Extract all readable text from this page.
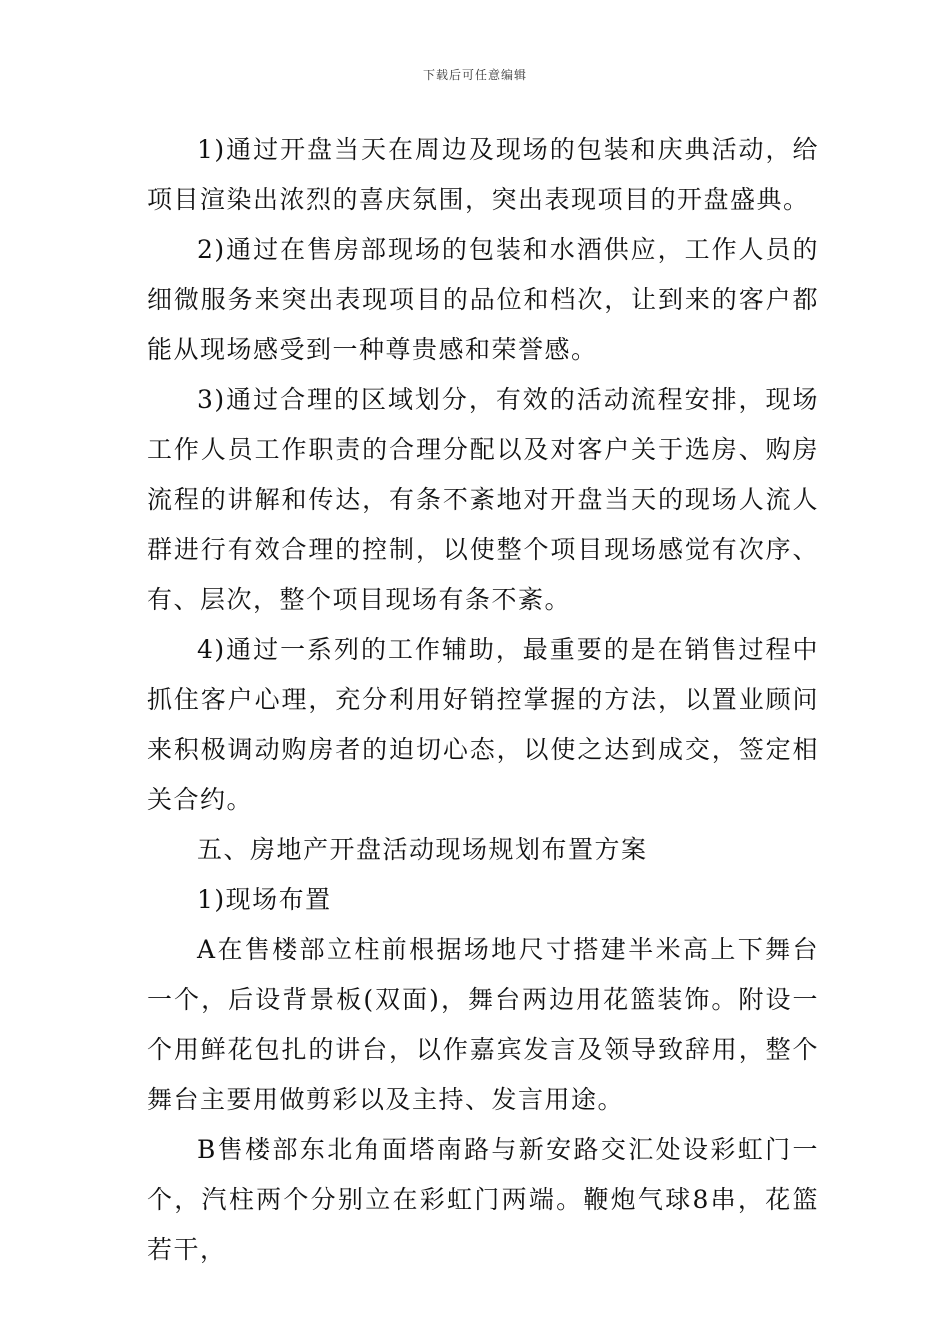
下载后可任意编辑

1)通过开盘当天在周边及现场的包装和庆典活动，给项目渲染出浓烈的喜庆氛围，突出表现项目的开盘盛典。

2)通过在售房部现场的包装和水酒供应，工作人员的细微服务来突出表现项目的品位和档次，让到来的客户都能从现场感受到一种尊贵感和荣誉感。

3)通过合理的区域划分，有效的活动流程安排，现场工作人员工作职责的合理分配以及对客户关于选房、购房流程的讲解和传达，有条不紊地对开盘当天的现场人流人群进行有效合理的控制，以使整个项目现场感觉有次序、有、层次，整个项目现场有条不紊。

4)通过一系列的工作辅助，最重要的是在销售过程中抓住客户心理，充分利用好销控掌握的方法，以置业顾问来积极调动购房者的迫切心态，以使之达到成交，签定相关合约。

五、房地产开盘活动现场规划布置方案

1)现场布置

A在售楼部立柱前根据场地尺寸搭建半米高上下舞台一个，后设背景板(双面)，舞台两边用花篮装饰。附设一个用鲜花包扎的讲台，以作嘉宾发言及领导致辞用，整个舞台主要用做剪彩以及主持、发言用途。

B售楼部东北角面塔南路与新安路交汇处设彩虹门一个，汽柱两个分别立在彩虹门两端。鞭炮气球8串，花篮若干，
